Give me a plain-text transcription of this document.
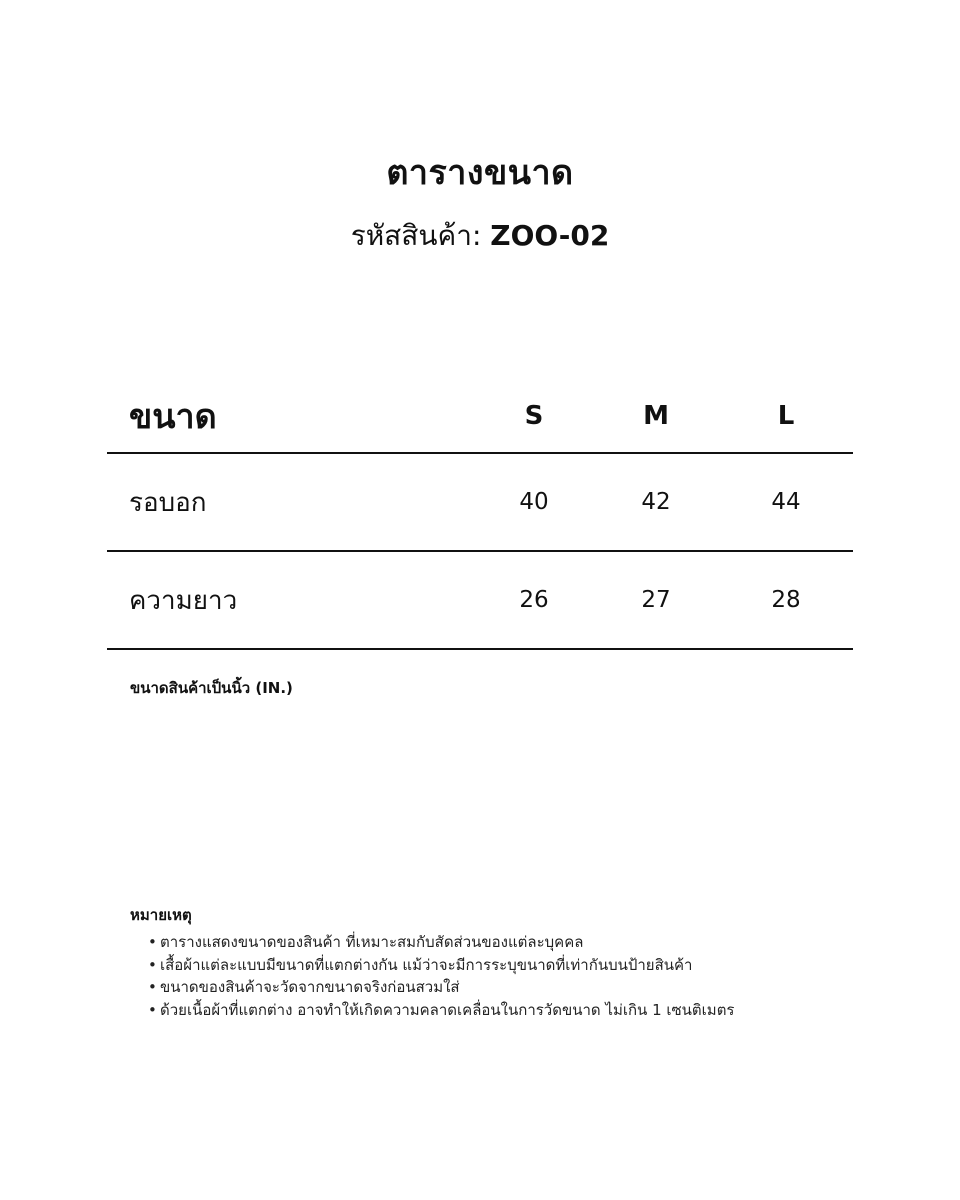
ตารางขนาด
รหัสสินค้า: ZOO-02
ขนาด	S	M	L
รอบอก	40	42	44
ความยาว	26	27	28
ขนาดสินค้าเป็นนิ้ว (IN.)
หมายเหตุ
• ตารางแสดงขนาดของสินค้า ที่เหมาะสมกับสัดส่วนของแต่ละบุคคล
• เสื้อผ้าแต่ละแบบมีขนาดที่แตกต่างกัน แม้ว่าจะมีการระบุขนาดที่เท่ากันบนป้ายสินค้า
• ขนาดของสินค้าจะวัดจากขนาดจริงก่อนสวมใส่
• ด้วยเนื้อผ้าที่แตกต่าง อาจทำให้เกิดความคลาดเคลื่อนในการวัดขนาด ไม่เกิน 1 เซนติเมตร
